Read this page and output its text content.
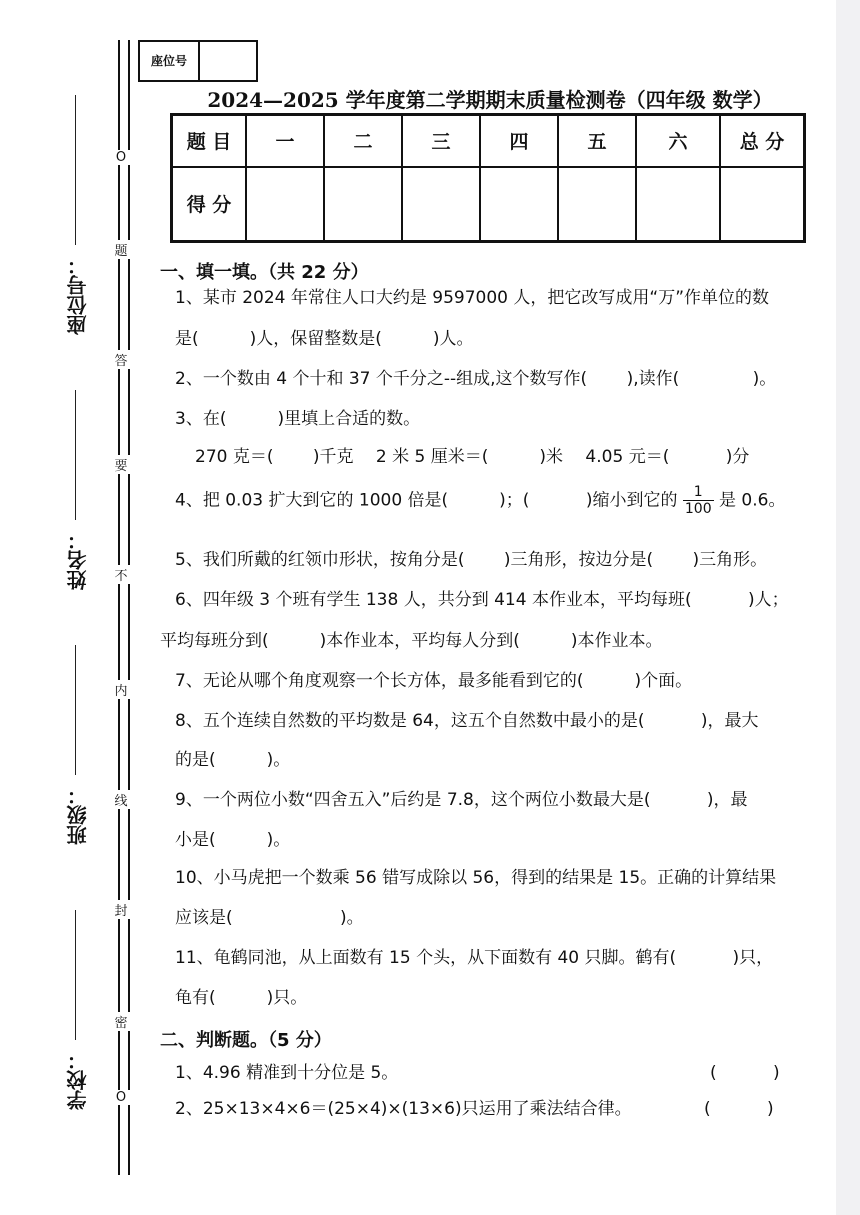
O
题
答
要
不
内
线
封
密
O
座位号：
姓名：
班级：
学校：
座位号
2024—2025 学年度第二学期期末质量检测卷（四年级 数学）
题 目	一	二	三	四	五	六	总 分
得 分							
一、填一填。（共 22 分）
1、某市 2024 年常住人口大约是 9597000 人，把它改写成用“万”作单位的数
是(　　　)人，保留整数是(　　　)人。
2、一个数由 4 个十和 37 个千分之--组成,这个数写作(　　 ),读作(　　　　 )。
3、在(　　　)里填上合适的数。
270 克＝(　　 )千克　 2 米 5 厘米＝(　　　)米　 4.05 元＝(　　　 )分
4、把 0.03 扩大到它的 1000 倍是(　　　)；(　　　 )缩小到它的 $\frac{1}{100}$ 是 0.6。
5、我们所戴的红领巾形状，按角分是(　　 )三角形，按边分是(　　 )三角形。
6、四年级 3 个班有学生 138 人，共分到 414 本作业本，平均每班(　　　 )人；
平均每班分到(　　　)本作业本，平均每人分到(　　　)本作业本。
7、无论从哪个角度观察一个长方体，最多能看到它的(　　　)个面。
8、五个连续自然数的平均数是 64，这五个自然数中最小的是(　　　 )，最大
的是(　　　)。
9、一个两位小数“四舍五入”后约是 7.8，这个两位小数最大是(　　　 )，最
小是(　　　)。
10、小马虎把一个数乘 56 错写成除以 56，得到的结果是 15。正确的计算结果
应该是(　　　　　　 )。
11、龟鹤同池，从上面数有 15 个头，从下面数有 40 只脚。鹤有(　　　 )只，
龟有(　　　)只。
二、判断题。（5 分）
1、4.96 精准到十分位是 5。	(　　　 )
2、25×13×4×6＝(25×4)×(13×6)只运用了乘法结合律。	(　　　 )
